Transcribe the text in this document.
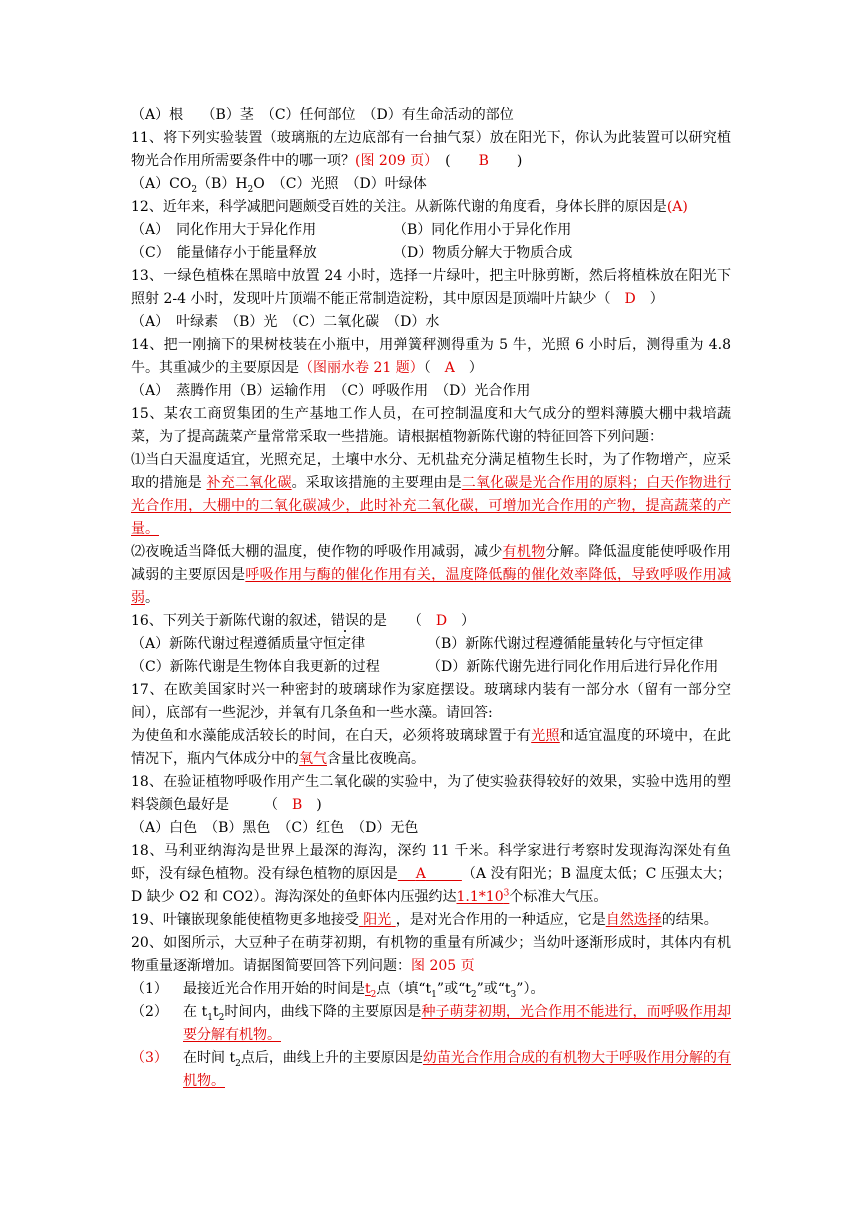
（A）根　 （B）茎　（C）任何部位　（D）有生命活动的部位

11、将下列实验装置（玻璃瓶的左边底部有一台抽气泵）放在阳光下，你认为此装置可以研究植物光合作用所需要条件中的哪一项？(图 209 页）　(　　B　　)

$(A)CO_2(B)H_2O$　（C）光照　（D）叶绿体

12、近年来，科学减肥问题颇受百姓的关注。从新陈代谢的角度看，身体长胖的原因是(A)

（A）　同化作用大于异化作用	（B）同化作用小于异化作用

（C）　能量储存小于能量释放	（D）物质分解大于物质合成

13、一绿色植株在黑暗中放置 24 小时，选择一片绿叶，把主叶脉剪断，然后将植株放在阳光下照射 2-4 小时，发现叶片顶端不能正常制造淀粉，其中原因是顶端叶片缺少（　 D　 ）

（A）　叶绿素　（B）光　（C）二氧化碳　（D）水

14、把一刚摘下的果树枝装在小瓶中，用弹簧秤测得重为 5 牛，光照 6 小时后，测得重为 4.8 牛。其重减少的主要原因是（图丽水卷 21 题）（　 A　 ）

（A）　蒸腾作用（B）运输作用　（C）呼吸作用　（D）光合作用

15、某农工商贸集团的生产基地工作人员，在可控制温度和大气成分的塑料薄膜大棚中栽培蔬菜，为了提高蔬菜产量常常采取一些措施。请根据植物新陈代谢的特征回答下列问题：

⑴当白天温度适宜，光照充足，土壤中水分、无机盐充分满足植物生长时，为了作物增产，应采取的措施是 补充二氧化碳。采取该措施的主要理由是二氧化碳是光合作用的原料；白天作物进行光合作用，大棚中的二氧化碳减少，此时补充二氧化碳，可增加光合作用的产物，提高蔬菜的产量。

⑵夜晚适当降低大棚的温度，使作物的呼吸作用减弱，减少有机物分解。降低温度能使呼吸作用减弱的主要原因是呼吸作用与酶的催化作用有关，温度降低酶的催化效率降低，导致呼吸作用减弱。

16、下列关于新陈代谢的叙述，错误的是　　（　D　）

（A）新陈代谢过程遵循质量守恒定律	（B）新陈代谢过程遵循能量转化与守恒定律

（C）新陈代谢是生物体自我更新的过程	（D）新陈代谢先进行同化作用后进行异化作用

17、在欧美国家时兴一种密封的玻璃球作为家庭摆设。玻璃球内装有一部分水（留有一部分空间），底部有一些泥沙，并氧有几条鱼和一些水藻。请回答:

为使鱼和水藻能成活较长的时间，在白天，必须将玻璃球置于有光照和适宜温度的环境中，在此情况下，瓶内气体成分中的氧气含量比夜晚高。

18、在验证植物呼吸作用产生二氧化碳的实验中，为了使实验获得较好的效果，实验中选用的塑料袋颜色最好是　　　（　B　)

（A）白色　（B）黑色　（C）红色　（D）无色

18、马利亚纳海沟是世界上最深的海沟，深约 11 千米。科学家进行考察时发现海沟深处有鱼虾，没有绿色植物。没有绿色植物的原因是 A	（A 没有阳光；B 温度太低；C 压强太大；D 缺少 O2 和 CO2）。海沟深处的鱼虾体内压强约达$1.1*10^3$个标准大气压。

19、叶镶嵌现象能使植物更多地接受 阳光 ，是对光合作用的一种适应，它是自然选择的结果。

20、如图所示，大豆种子在萌芽初期，有机物的重量有所减少；当幼叶逐渐形成时，其体内有机物重量逐渐增加。请据图简要回答下列问题：图 205 页

（1）	最接近光合作用开始的时间是$t_2$点（填“$t_1$”或“$t_2$”或“$t_3$”）。
（2）	在 $t_1t_2$时间内，曲线下降的主要原因是种子萌芽初期，光合作用不能进行，而呼吸作用却要分解有机物。
（3）	在时间 $t_2$点后，曲线上升的主要原因是幼苗光合作用合成的有机物大于呼吸作用分解的有机物。
